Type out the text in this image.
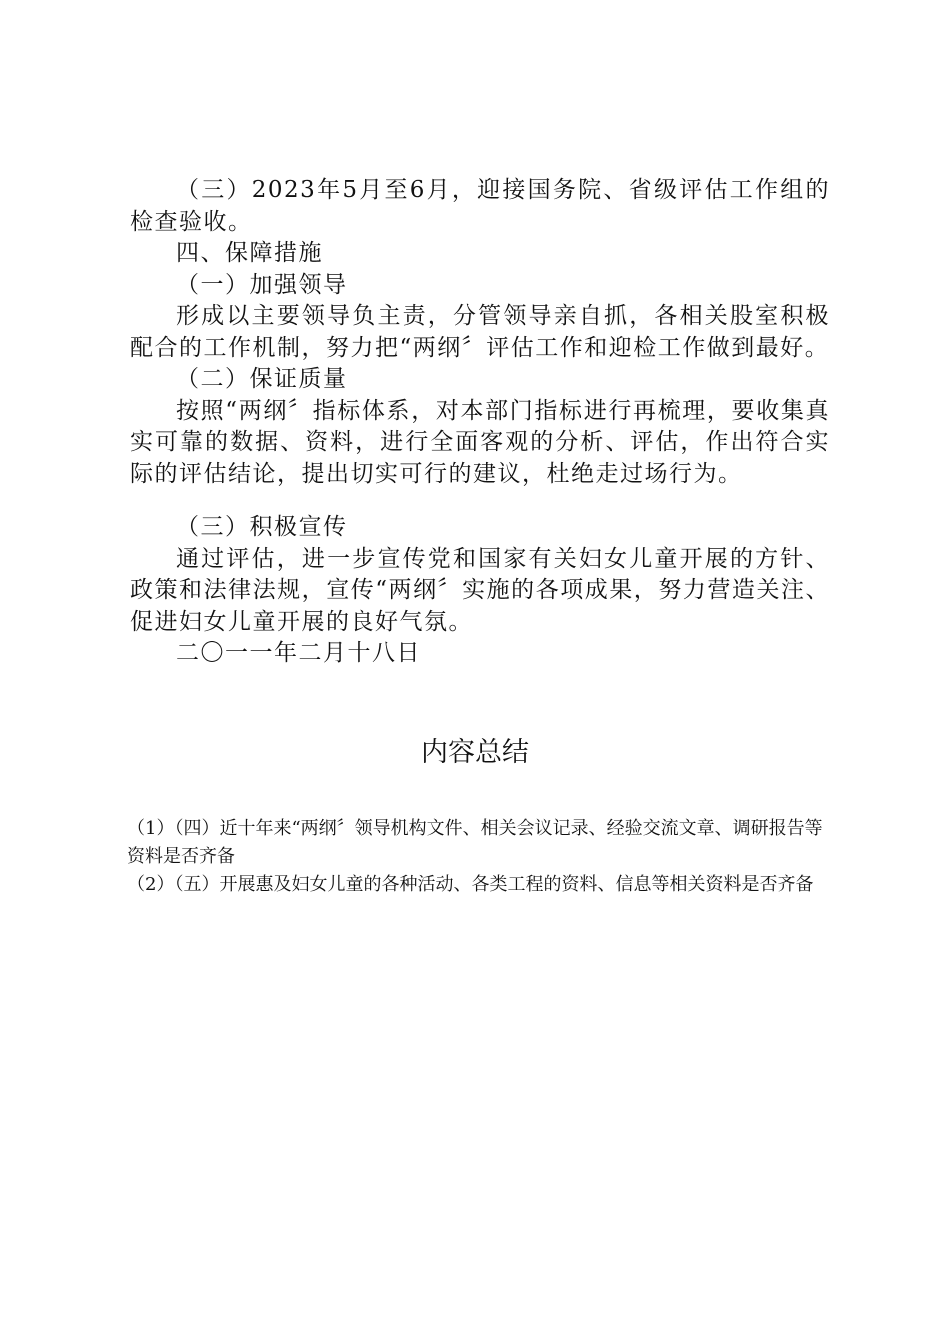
（三）2023年5月至6月，迎接国务院、省级评估工作组的检查验收。

四、保障措施

（一）加强领导

形成以主要领导负主责，分管领导亲自抓，各相关股室积极配合的工作机制，努力把“两纲〞评估工作和迎检工作做到最好。

（二）保证质量

按照“两纲〞指标体系，对本部门指标进行再梳理，要收集真实可靠的数据、资料，进行全面客观的分析、评估，作出符合实际的评估结论，提出切实可行的建议，杜绝走过场行为。

（三）积极宣传

通过评估，进一步宣传党和国家有关妇女儿童开展的方针、政策和法律法规，宣传“两纲〞实施的各项成果，努力营造关注、促进妇女儿童开展的良好气氛。

二〇一一年二月十八日

内容总结

（1）（四）近十年来“两纲〞领导机构文件、相关会议记录、经验交流文章、调研报告等资料是否齐备

（2）（五）开展惠及妇女儿童的各种活动、各类工程的资料、信息等相关资料是否齐备
